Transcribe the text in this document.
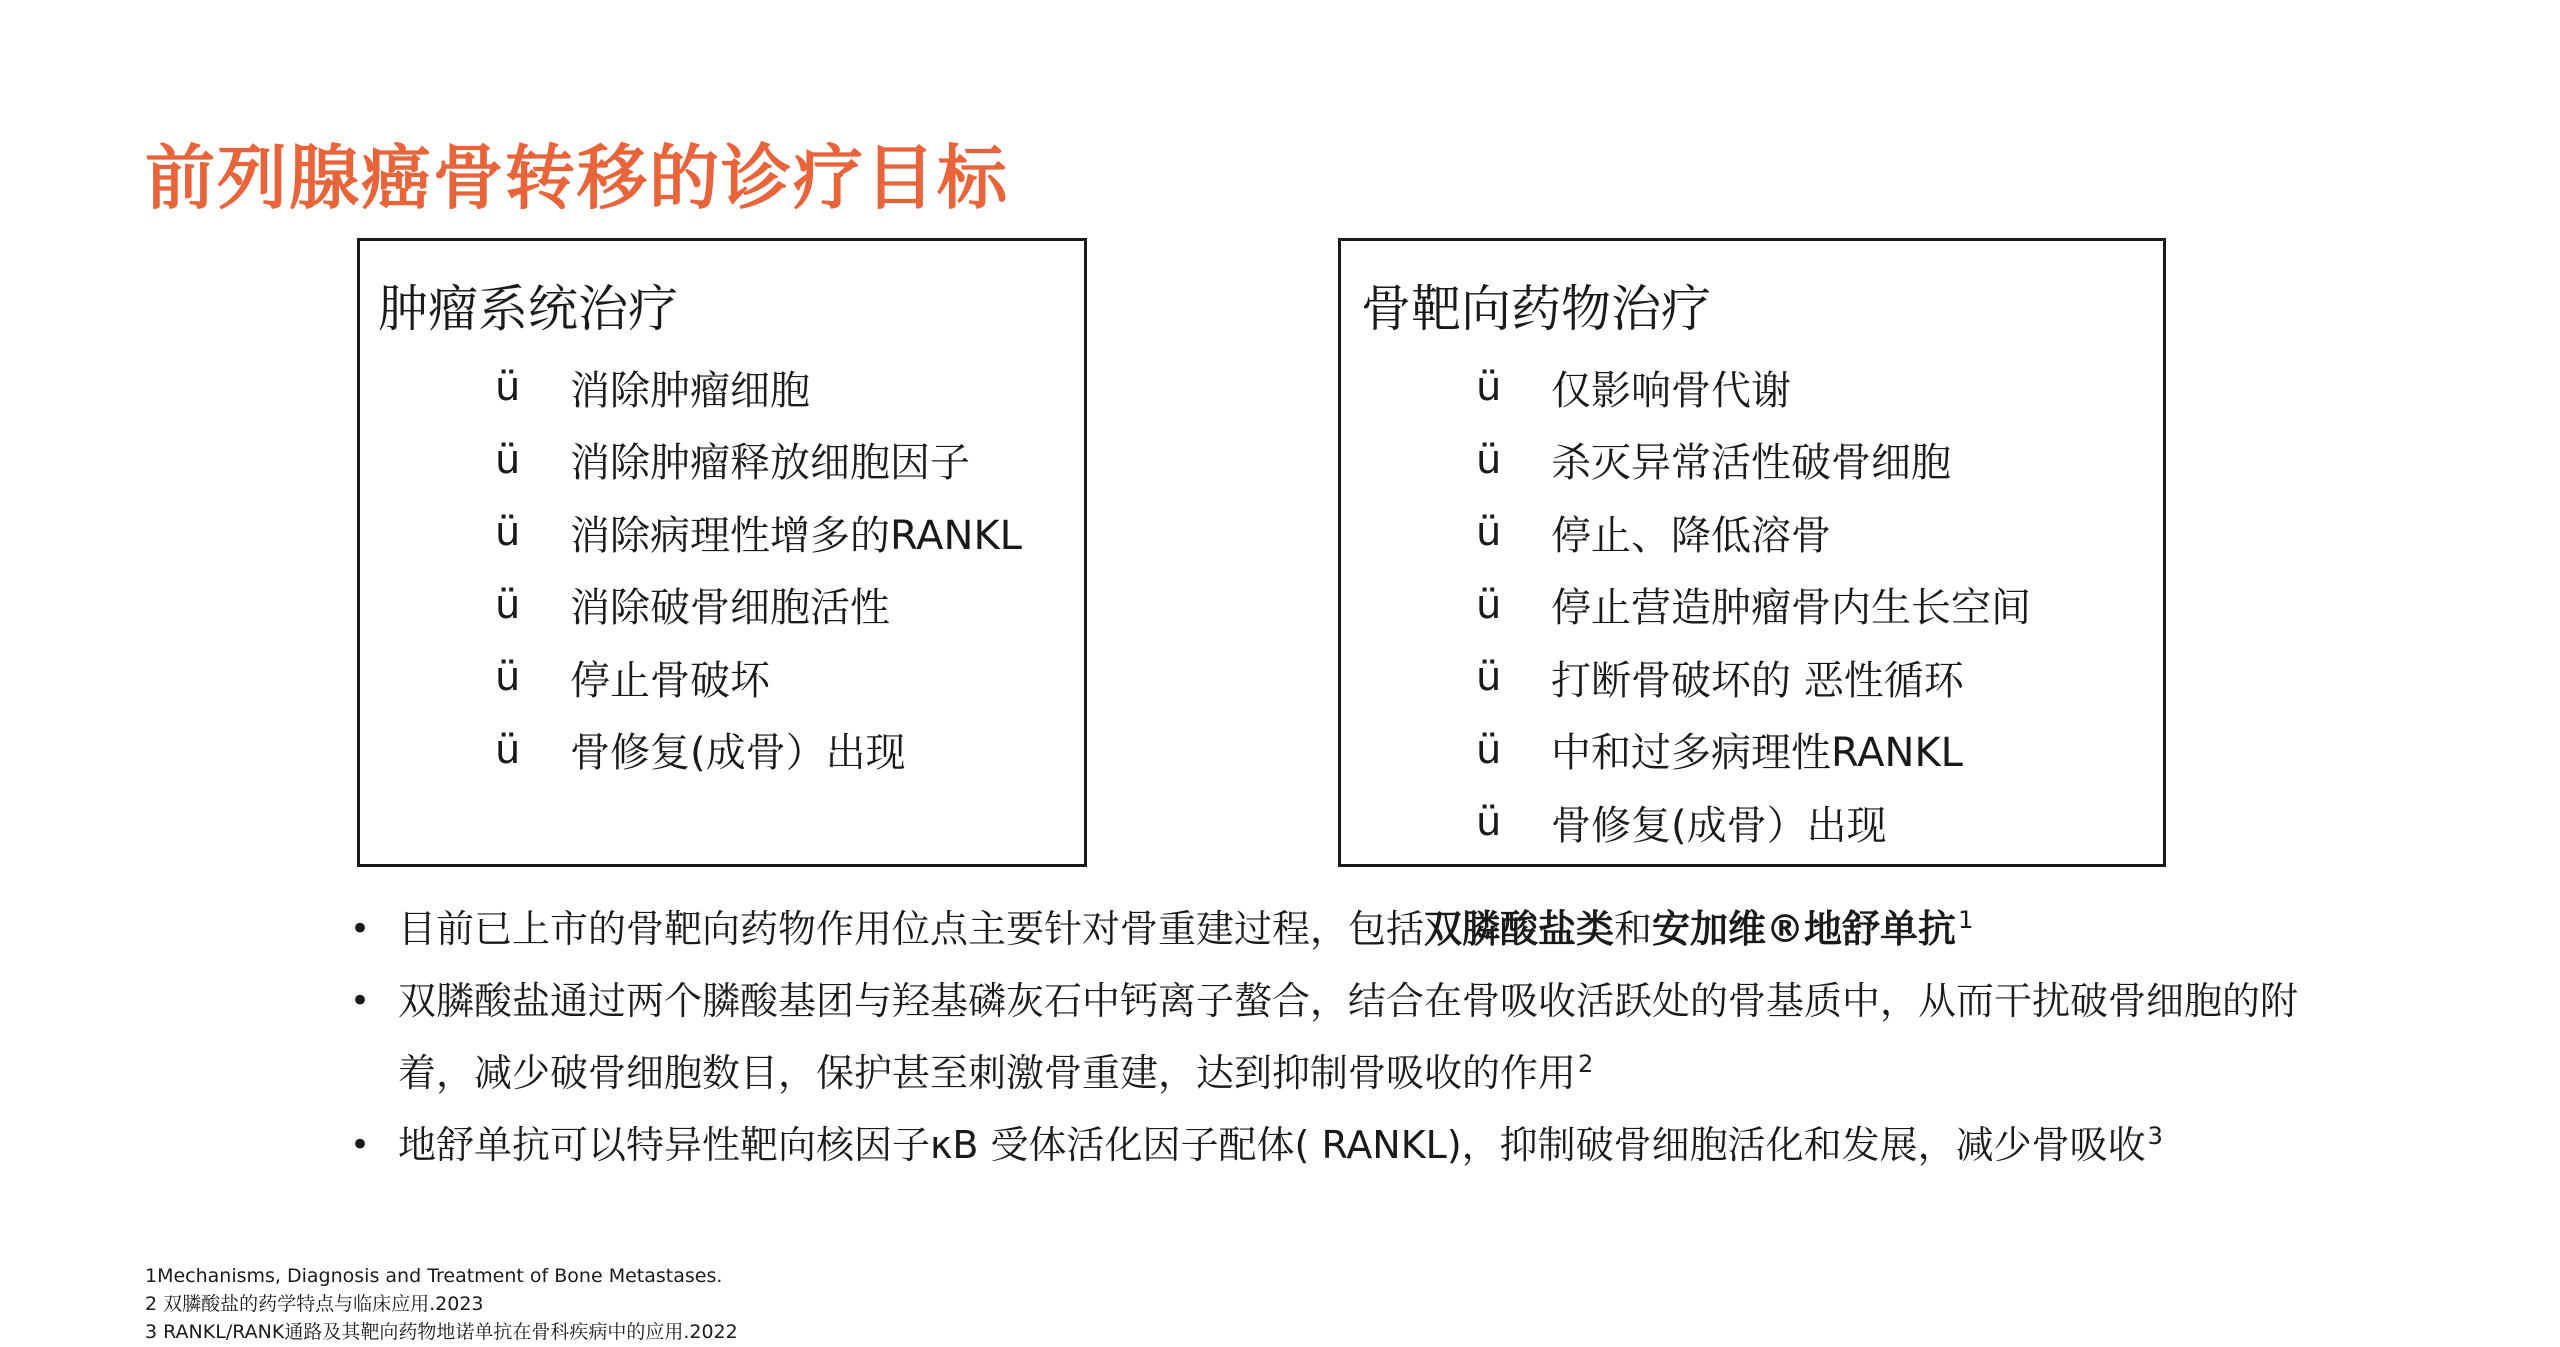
前列腺癌骨转移的诊疗目标
肿瘤系统治疗
ü	消除肿瘤细胞
ü	消除肿瘤释放细胞因子
ü	消除病理性增多的RANKL
ü	消除破骨细胞活性
ü	停止骨破坏
ü	骨修复(成骨）出现
骨靶向药物治疗
ü	仅影响骨代谢
ü	杀灭异常活性破骨细胞
ü	停止、降低溶骨
ü	停止营造肿瘤骨内生长空间
ü	打断骨破坏的 恶性循环
ü	中和过多病理性RANKL
ü	骨修复(成骨）出现
• 目前已上市的骨靶向药物作用位点主要针对骨重建过程，包括双膦酸盐类和安加维®地舒单抗$^1$
• 双膦酸盐通过两个膦酸基团与羟基磷灰石中钙离子螯合，结合在骨吸收活跃处的骨基质中，从而干扰破骨细胞的附着，减少破骨细胞数目，保护甚至刺激骨重建，达到抑制骨吸收的作用$^2$
• 地舒单抗可以特异性靶向核因子κB 受体活化因子配体( RANKL)，抑制破骨细胞活化和发展，减少骨吸收$^3$
1Mechanisms, Diagnosis and Treatment of Bone Metastases.
2 双膦酸盐的药学特点与临床应用.2023
3 RANKL/RANK通路及其靶向药物地诺单抗在骨科疾病中的应用.2022
